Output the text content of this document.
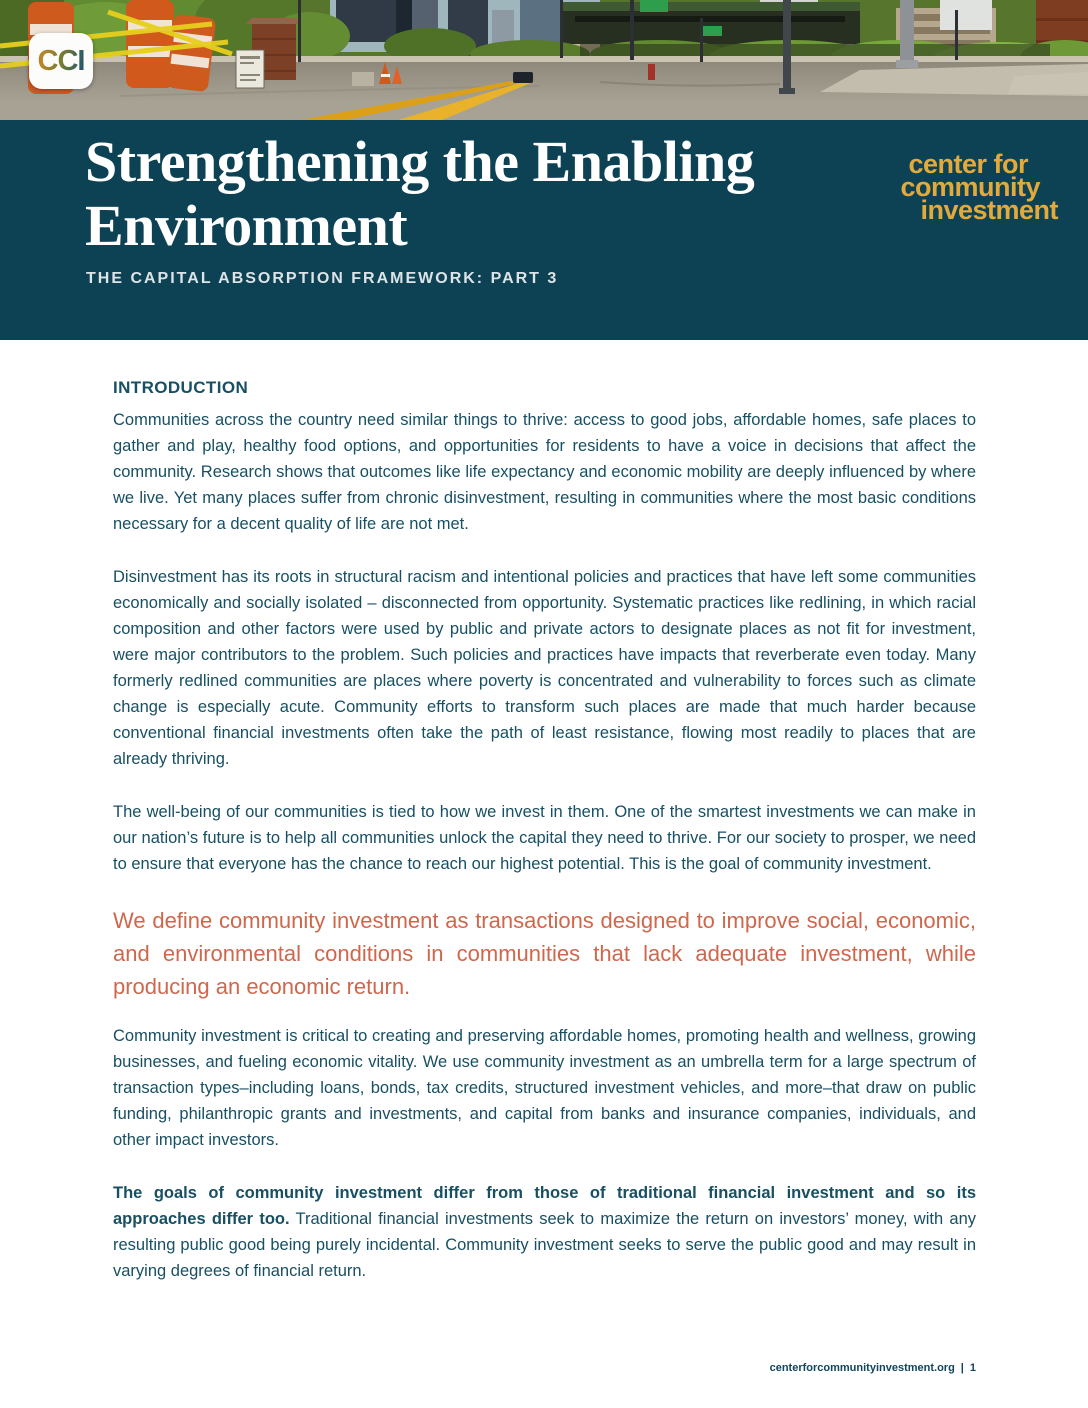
CCI
Strengthening the Enabling Environment
THE CAPITAL ABSORPTION FRAMEWORK: PART 3
center for
community
investment
INTRODUCTION

Communities across the country need similar things to thrive: access to good jobs, affordable homes, safe places to gather and play, healthy food options, and opportunities for residents to have a voice in decisions that affect the community. Research shows that outcomes like life expectancy and economic mobility are deeply influenced by where we live. Yet many places suffer from chronic disinvestment, resulting in communities where the most basic conditions necessary for a decent quality of life are not met.

Disinvestment has its roots in structural racism and intentional policies and practices that have left some communities economically and socially isolated – disconnected from opportunity. Systematic practices like redlining, in which racial composition and other factors were used by public and private actors to designate places as not fit for investment, were major contributors to the problem. Such policies and practices have impacts that reverberate even today. Many formerly redlined communities are places where poverty is concentrated and vulnerability to forces such as climate change is especially acute. Community efforts to transform such places are made that much harder because conventional financial investments often take the path of least resistance, flowing most readily to places that are already thriving.

The well-being of our communities is tied to how we invest in them. One of the smartest investments we can make in our nation’s future is to help all communities unlock the capital they need to thrive. For our society to prosper, we need to ensure that everyone has the chance to reach our highest potential. This is the goal of community investment.

We define community investment as transactions designed to improve social, economic, and environmental conditions in communities that lack adequate investment, while producing an economic return.

Community investment is critical to creating and preserving affordable homes, promoting health and wellness, growing businesses, and fueling economic vitality. We use community investment as an umbrella term for a large spectrum of transaction types–including loans, bonds, tax credits, structured investment vehicles, and more–that draw on public funding, philanthropic grants and investments, and capital from banks and insurance companies, individuals, and other impact investors.

The goals of community investment differ from those of traditional financial investment and so its approaches differ too. Traditional financial investments seek to maximize the return on investors’ money, with any resulting public good being purely incidental. Community investment seeks to serve the public good and may result in varying degrees of financial return.

centerforcommunityinvestment.org | 1
